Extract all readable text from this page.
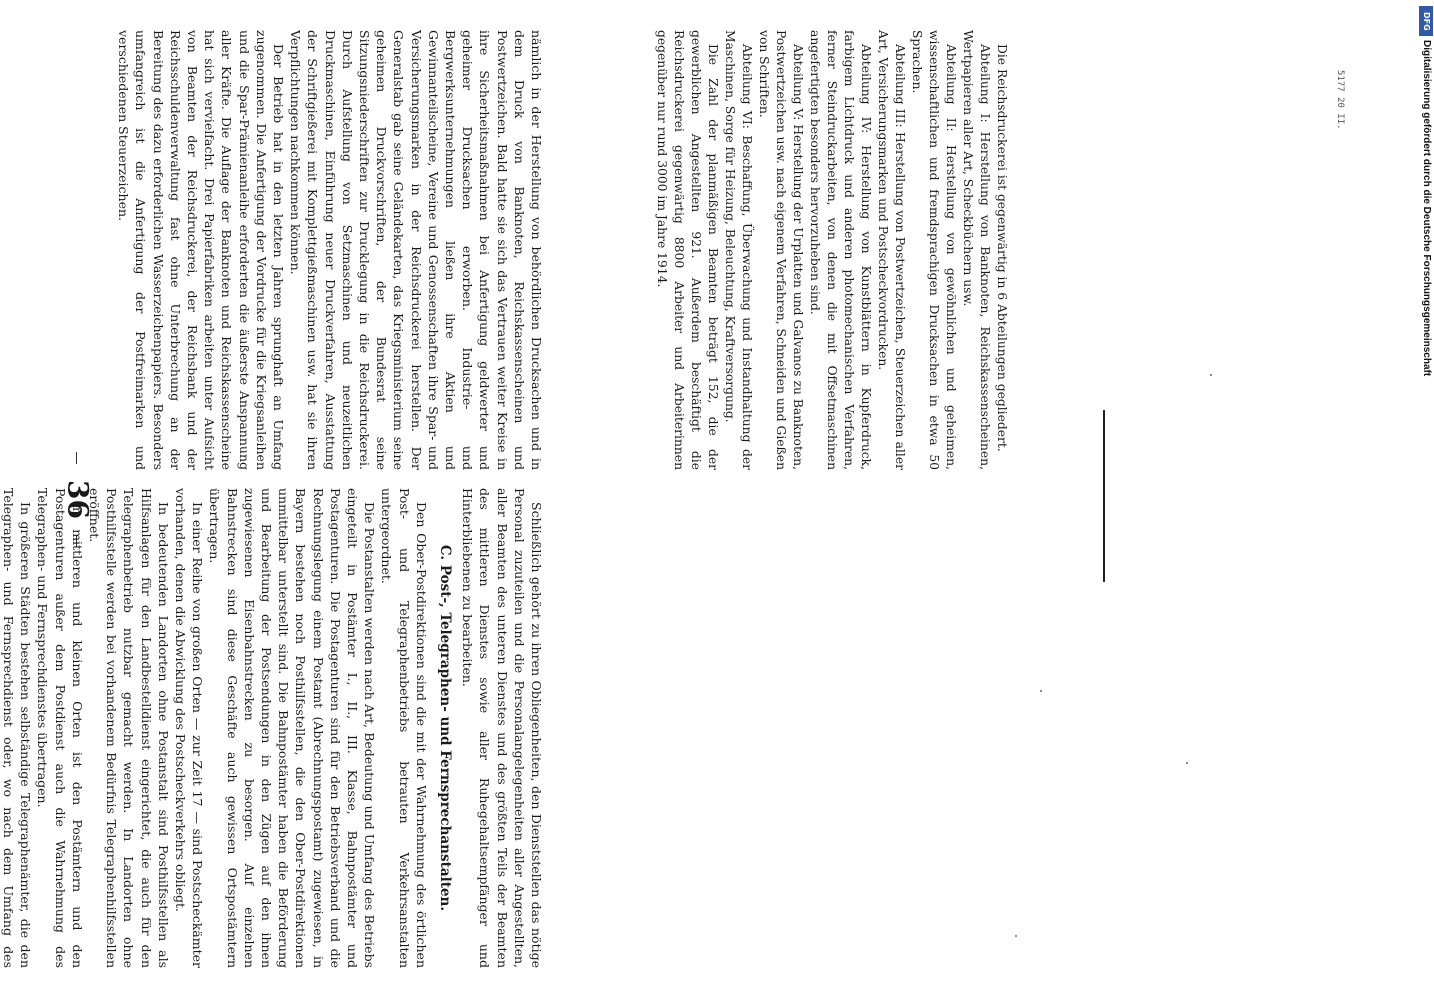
36

Schließlich gehört zu ihren Obliegenheiten, den Dienststellen das nötige Personal zuzuteilen und die Personalangelegenheiten aller Angestellten, aller Beamten des unteren Dienstes und des größten Teils der Beamten des mittleren Dienstes sowie aller Ruhegehaltsempfänger und Hinterbliebenen zu bearbeiten.

C. Post-, Telegraphen- und Fernsprechanstalten.

Den Ober-Postdirektionen sind die mit der Wahrnehmung des örtlichen Post- und Telegraphenbetriebs betrauten Verkehrsanstalten untergeordnet.

Die Postanstalten werden nach Art, Bedeutung und Umfang des Betriebs eingeteilt in Postämter I., II., III. Klasse, Bahnpostämter und Postagenturen. Die Postagenturen sind für den Betriebsverband und die Rechnungslegung einem Postamt (Abrechnungspostamt) zugewiesen, in Bayern bestehen noch Posthilfsstellen, die den Ober-Postdirektionen unmittelbar unterstellt sind. Die Bahnpostämter haben die Beförderung und Bearbeitung der Postsendungen in den Zügen auf den ihnen zugewiesenen Eisenbahnstrecken zu besorgen. Auf einzelnen Bahnstrecken sind diese Geschäfte auch gewissen Ortspostämtern übertragen.

In einer Reihe von großen Orten — zur Zeit 17 — sind Postscheckämter vorhanden, denen die Abwicklung des Postscheckverkehrs obliegt.

In bedeutenden Landorten ohne Postanstalt sind Posthilfsstellen als Hilfsanlagen für den Landbestelldienst eingerichtet, die auch für den Telegraphenbetrieb nutzbar gemacht werden. In Landorten ohne Posthilfsstelle werden bei vorhandenem Bedürfnis Telegraphenhilfsstellen eröffnet.

In mittleren und kleinen Orten ist den Postämtern und den Postagenturen außer dem Postdienst auch die Wahrnehmung des Telegraphen- und Fernsprechdienstes übertragen.

In größeren Städten bestehen selbständige Telegraphenämter, die den Telegraphen- und Fernsprechdienst oder, wo nach dem Umfang des

nämlich in der Herstellung von behördlichen Drucksachen und in dem Druck von Banknoten, Reichskassenscheinen und Postwertzeichen. Bald hatte sie sich das Vertrauen weiter Kreise in ihre Sicherheitsmaßnahmen bei Anfertigung geldwerter und geheimer Drucksachen erworben. Industrie- und Bergwerksunternehmungen ließen ihre Aktien und Gewinnanteilscheine, Vereine und Genossenschaften ihre Spar- und Versicherungsmarken in der Reichsdruckerei herstellen. Der Generalstab gab seine Geländekarten, das Kriegsministerium seine geheimen Druckvorschriften, der Bundesrat seine Sitzungsniederschriften zur Drucklegung in die Reichsdruckerei. Durch Aufstellung von Setzmaschinen und neuzeitlichen Druckmaschinen, Einführung neuer Druckverfahren, Ausstattung der Schriftgießerei mit Komplettgießmaschinen usw. hat sie ihren Verpflichtungen nachkommen können.

Der Betrieb hat in den letzten Jahren sprunghaft an Umfang zugenommen. Die Anfertigung der Vordrucke für die Kriegsanleihen und die Spar-Prämienanleihe erforderten die äußerste Anspannung aller Kräfte. Die Auflage der Banknoten und Reichskassenscheine hat sich vervielfacht. Drei Papierfabriken arbeiten unter Aufsicht von Beamten der Reichsdruckerei, der Reichsbank und der Reichsschuldenverwaltung fast ohne Unterbrechung an der Bereitung des dazu erforderlichen Wasserzeichenpapiers. Besonders umfangreich ist die Anfertigung der Postfreimarken und verschiedenen Steuerzeichen.	Die Reichsdruckerei ist gegenwärtig in 6 Abteilungen gegliedert.

Abteilung I: Herstellung von Banknoten, Reichskassenscheinen, Wertpapieren aller Art, Scheckbüchern usw.

Abteilung II: Herstellung von gewöhnlichen und geheimen, wissenschaftlichen und fremdsprachigen Drucksachen in etwa 50 Sprachen.

Abteilung III: Herstellung von Postwertzeichen, Steuerzeichen aller Art, Versicherungsmarken und Postscheckvordrucken.

Abteilung IV: Herstellung von Kunstblättern in Kupferdruck, farbigem Lichtdruck und anderen photomechanischen Verfahren, ferner Steindruckarbeiten, von denen die mit Offsetmaschinen angefertigten besonders hervorzuheben sind.

Abteilung V: Herstellung der Urplatten und Galvanos zu Banknoten, Postwertzeichen usw. nach eigenem Verfahren, Schneiden und Gießen von Schriften.

Abteilung VI: Beschaffung, Überwachung und Instandhaltung der Maschinen, Sorge für Heizung, Beleuchtung, Kraftversorgung.

Die Zahl der planmäßigen Beamten beträgt 152, die der gewerblichen Angestellten 921. Außerdem beschäftigt die Reichsdruckerei gegenwärtig 8800 Arbeiter und Arbeiterinnen gegenüber nur rund 3000 im Jahre 1914.	5177 20 II.
DFG
Digitalisierung gefördert durch die Deutsche Forschungsgemeinschaft
